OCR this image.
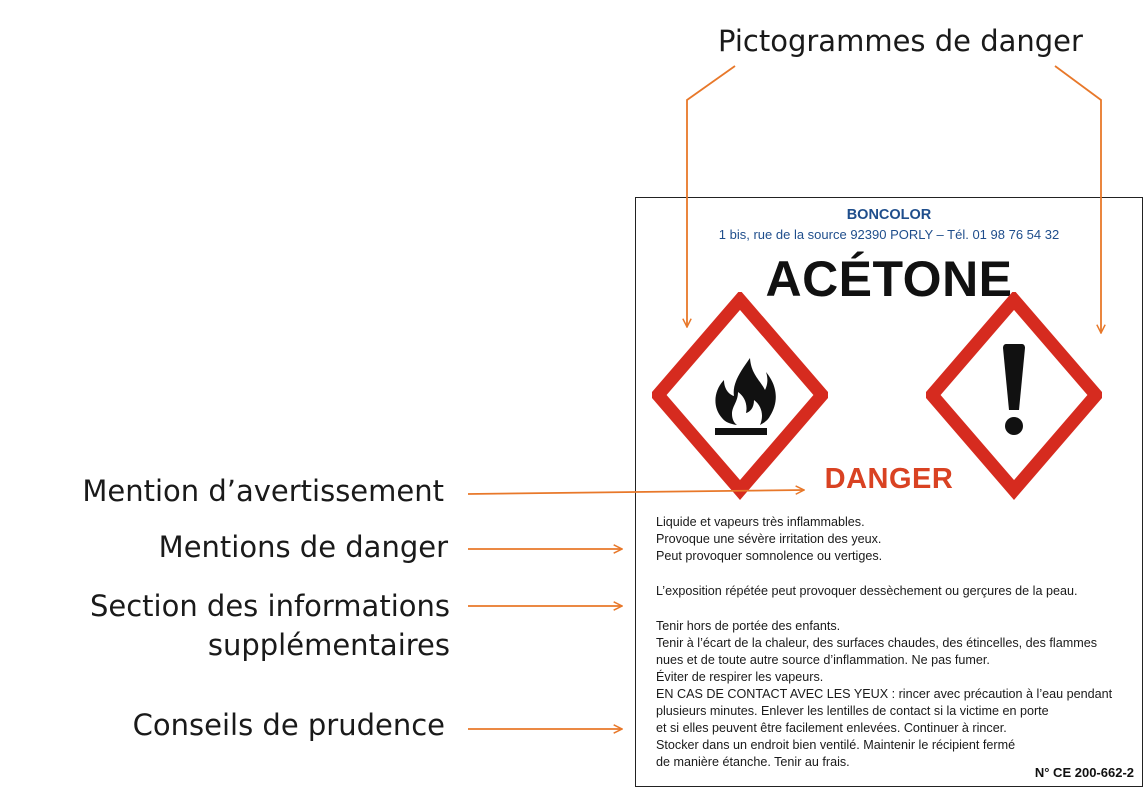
Pictogrammes de danger
Mention d’avertissement
Mentions de danger
Section des informations
supplémentaires
Conseils de prudence
BONCOLOR
1 bis, rue de la source 92390 PORLY – Tél. 01 98 76 54 32
ACÉTONE
DANGER
Liquide et vapeurs très inflammables.
Provoque une sévère irritation des yeux.
Peut provoquer somnolence ou vertiges.
L’exposition répétée peut provoquer dessèchement ou gerçures de la peau.
Tenir hors de portée des enfants.
Tenir à l’écart de la chaleur, des surfaces chaudes, des étincelles, des flammes
nues et de toute autre source d’inflammation. Ne pas fumer.
Éviter de respirer les vapeurs.
EN CAS DE CONTACT AVEC LES YEUX : rincer avec précaution à l’eau pendant
plusieurs minutes. Enlever les lentilles de contact si la victime en porte
et si elles peuvent être facilement enlevées. Continuer à rincer.
Stocker dans un endroit bien ventilé. Maintenir le récipient fermé
de manière étanche. Tenir au frais.
N° CE 200-662-2
